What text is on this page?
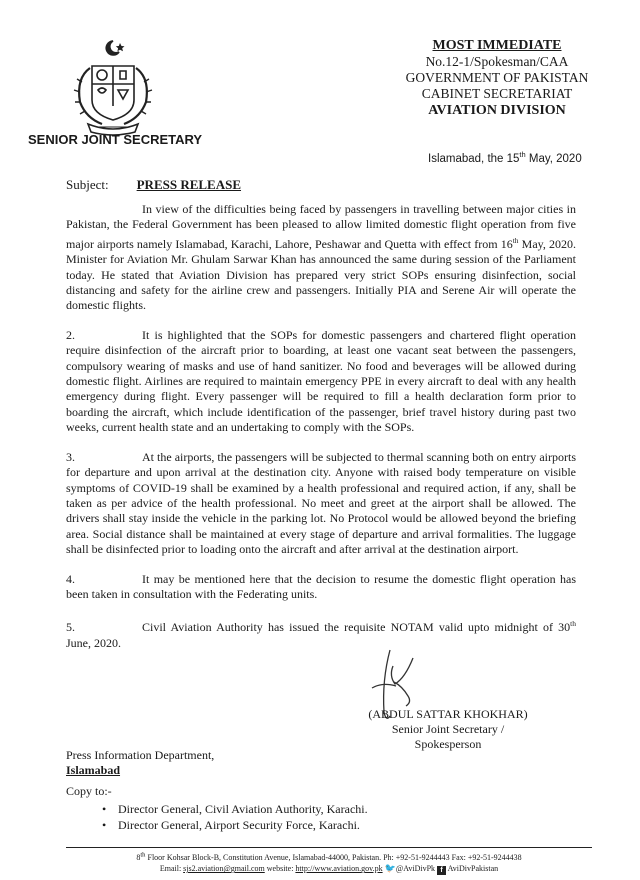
MOST IMMEDIATE
No.12-1/Spokesman/CAA
GOVERNMENT OF PAKISTAN
CABINET SECRETARIAT
AVIATION DIVISION
SENIOR JOINT SECRETARY
Islamabad, the 15th May, 2020
Subject: PRESS RELEASE

In view of the difficulties being faced by passengers in travelling between major cities in Pakistan, the Federal Government has been pleased to allow limited domestic flight operation from five major airports namely Islamabad, Karachi, Lahore, Peshawar and Quetta with effect from 16th May, 2020. Minister for Aviation Mr. Ghulam Sarwar Khan has announced the same during session of the Parliament today. He stated that Aviation Division has prepared very strict SOPs ensuring disinfection, social distancing and safety for the airline crew and passengers. Initially PIA and Serene Air will operate the domestic flights.

2.	It is highlighted that the SOPs for domestic passengers and chartered flight operation require disinfection of the aircraft prior to boarding, at least one vacant seat between the passengers, compulsory wearing of masks and use of hand sanitizer. No food and beverages will be allowed during domestic flight. Airlines are required to maintain emergency PPE in every aircraft to deal with any health emergency during flight. Every passenger will be required to fill a health declaration form prior to boarding the aircraft, which include identification of the passenger, brief travel history during past two weeks, current health state and an undertaking to comply with the SOPs.

3.	At the airports, the passengers will be subjected to thermal scanning both on entry airports for departure and upon arrival at the destination city. Anyone with raised body temperature on visible symptoms of COVID-19 shall be examined by a health professional and required action, if any, shall be taken as per advice of the health professional. No meet and greet at the airport shall be allowed. The drivers shall stay inside the vehicle in the parking lot. No Protocol would be allowed beyond the briefing area. Social distance shall be maintained at every stage of departure and arrival formalities. The luggage shall be disinfected prior to loading onto the aircraft and after arrival at the destination airport.

4.	It may be mentioned here that the decision to resume the domestic flight operation has been taken in consultation with the Federating units.

5.	Civil Aviation Authority has issued the requisite NOTAM valid upto midnight of 30th June, 2020.

(ABDUL SATTAR KHOKHAR)
Senior Joint Secretary /
Spokesperson
Press Information Department,
Islamabad
Copy to:-
• Director General, Civil Aviation Authority, Karachi.
• Director General, Airport Security Force, Karachi.
8th Floor Kohsar Block-B, Constitution Avenue, Islamabad-44000, Pakistan. Ph: +92-51-9244443 Fax: +92-51-9244438
Email: sjs2.aviation@gmail.com website: http://www.aviation.gov.pk 🐦@AviDivPk f AviDivPakistan
